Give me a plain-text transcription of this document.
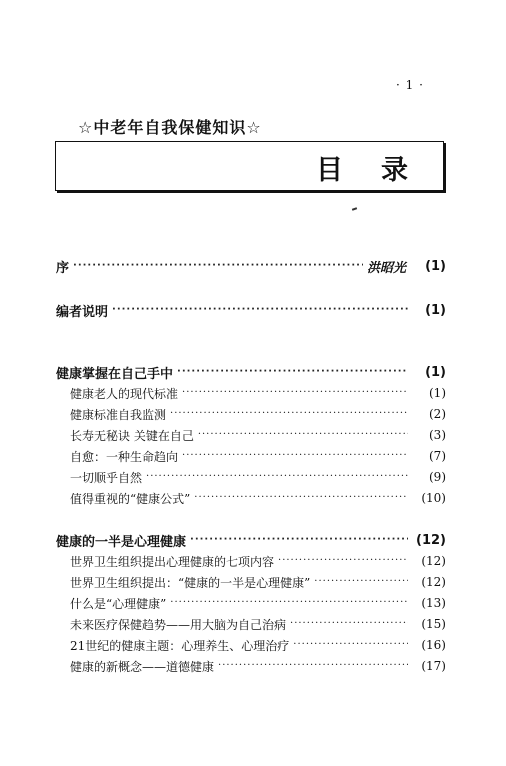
· 1 ·
☆中老年自我保健知识☆
目录
序 ·····	洪昭光	(1)
编者说明 ·····	(1)
健康掌握在自己手中 ·····	(1)
健康老人的现代标准 ·····	(1)
健康标准自我监测 ·····	(2)
长寿无秘诀 关键在自己 ·····	(3)
自愈：一种生命趋向 ·····	(7)
一切顺乎自然 ·····	(9)
值得重视的“健康公式” ·····	(10)
健康的一半是心理健康 ·····	(12)
世界卫生组织提出心理健康的七项内容 ·····	(12)
世界卫生组织提出：“健康的一半是心理健康” ·····	(12)
什么是“心理健康” ·····	(13)
未来医疗保健趋势——用大脑为自己治病 ·····	(15)
21世纪的健康主题：心理养生、心理治疗 ·····	(16)
健康的新概念——道德健康 ·····	(17)
